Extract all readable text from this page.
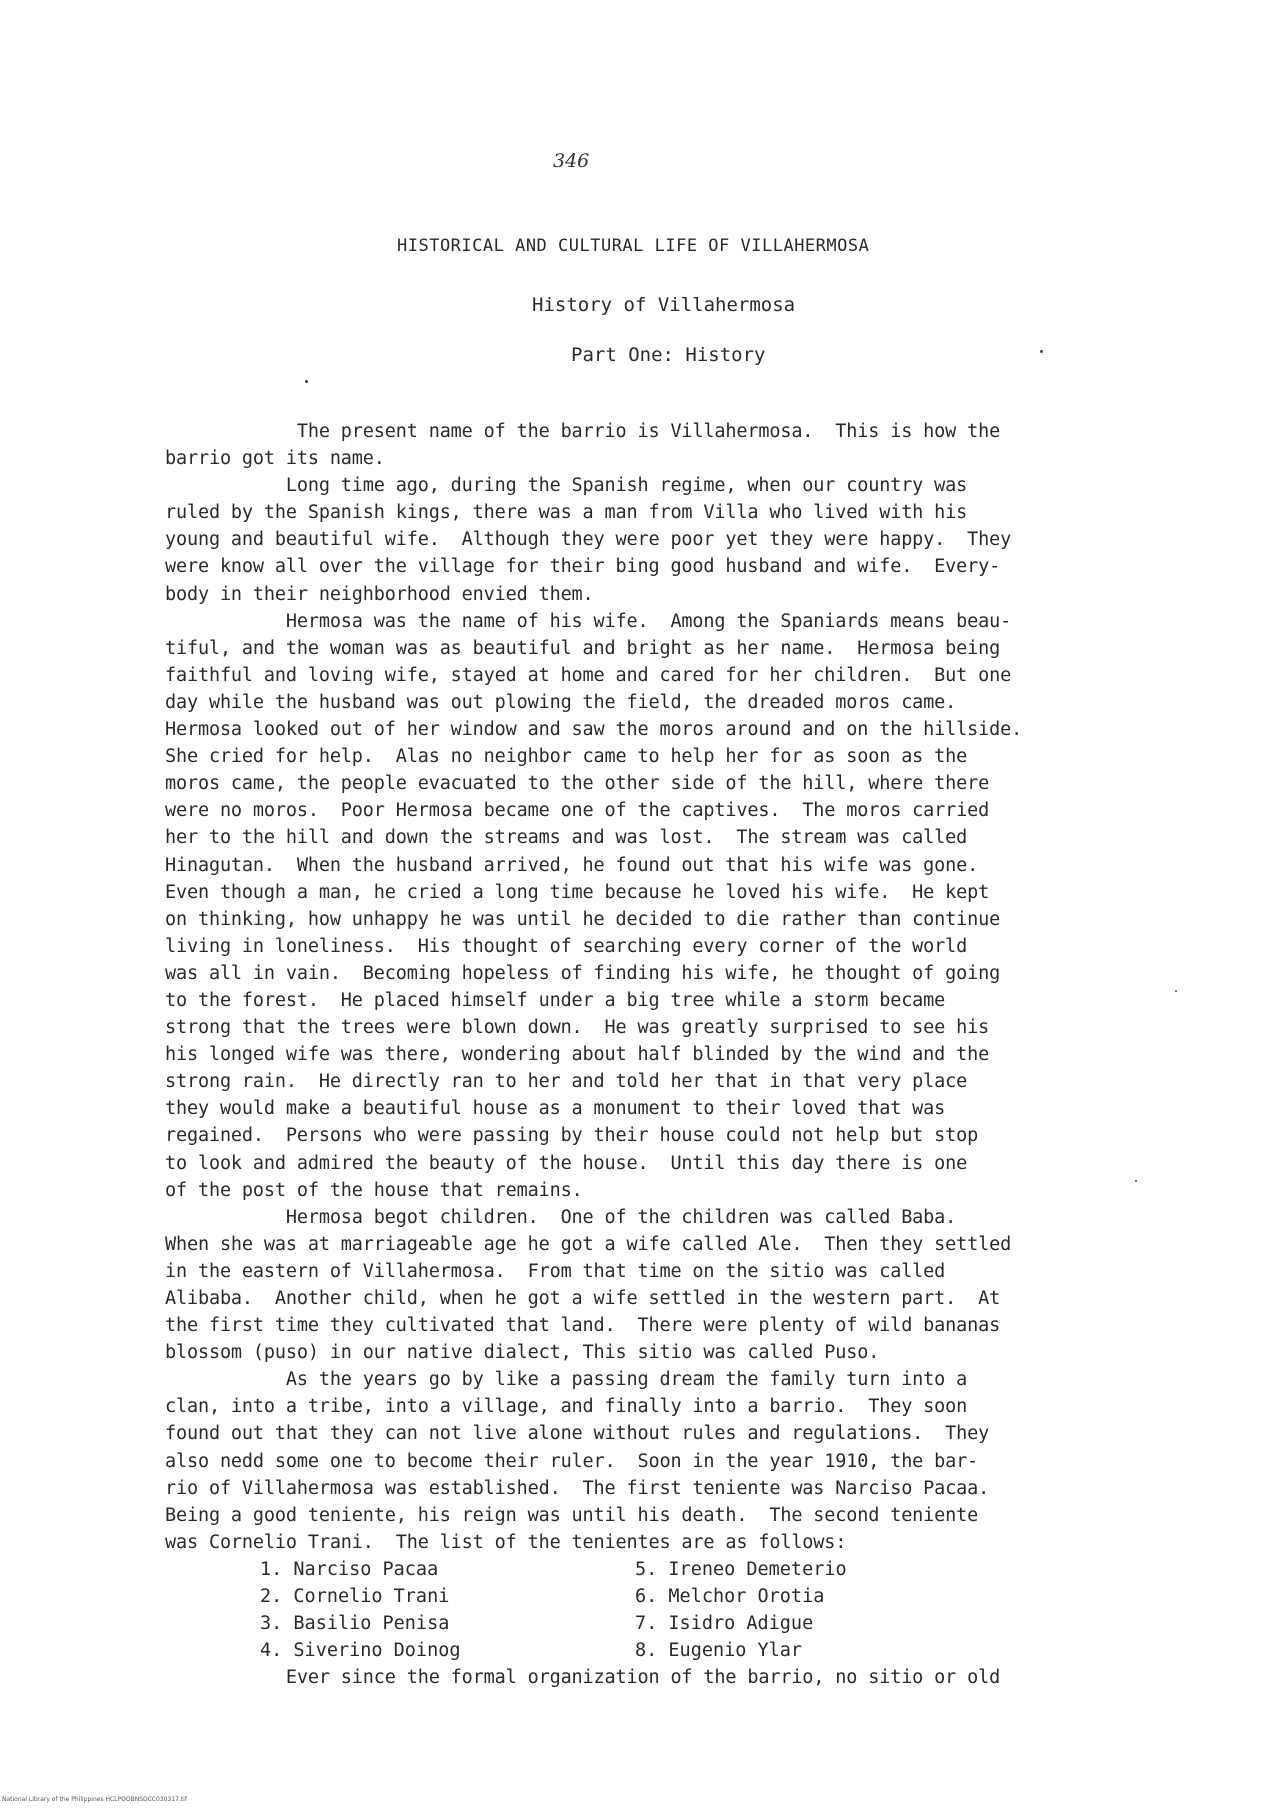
346
HISTORICAL AND CULTURAL LIFE OF VILLAHERMOSA
History of Villahermosa
Part One: History
The present name of the barrio is Villahermosa.  This is how the
barrio got its name.
Long time ago, during the Spanish regime, when our country was
ruled by the Spanish kings, there was a man from Villa who lived with his
young and beautiful wife.  Although they were poor yet they were happy.  They
were know all over the village for their bing good husband and wife.  Every-
body in their neighborhood envied them.
Hermosa was the name of his wife.  Among the Spaniards means beau-
tiful, and the woman was as beautiful and bright as her name.  Hermosa being
faithful and loving wife, stayed at home and cared for her children.  But one
day while the husband was out plowing the field, the dreaded moros came.
Hermosa looked out of her window and saw the moros around and on the hillside.
She cried for help.  Alas no neighbor came to help her for as soon as the
moros came, the people evacuated to the other side of the hill, where there
were no moros.  Poor Hermosa became one of the captives.  The moros carried
her to the hill and down the streams and was lost.  The stream was called
Hinagutan.  When the husband arrived, he found out that his wife was gone.
Even though a man, he cried a long time because he loved his wife.  He kept
on thinking, how unhappy he was until he decided to die rather than continue
living in loneliness.  His thought of searching every corner of the world
was all in vain.  Becoming hopeless of finding his wife, he thought of going
to the forest.  He placed himself under a big tree while a storm became
strong that the trees were blown down.  He was greatly surprised to see his
his longed wife was there, wondering about half blinded by the wind and the
strong rain.  He directly ran to her and told her that in that very place
they would make a beautiful house as a monument to their loved that was
regained.  Persons who were passing by their house could not help but stop
to look and admired the beauty of the house.  Until this day there is one
of the post of the house that remains.
Hermosa begot children.  One of the children was called Baba.
When she was at marriageable age he got a wife called Ale.  Then they settled
in the eastern of Villahermosa.  From that time on the sitio was called
Alibaba.  Another child, when he got a wife settled in the western part.  At
the first time they cultivated that land.  There were plenty of wild bananas
blossom (puso) in our native dialect, This sitio was called Puso.
As the years go by like a passing dream the family turn into a
clan, into a tribe, into a village, and finally into a barrio.  They soon
found out that they can not live alone without rules and regulations.  They
also nedd some one to become their ruler.  Soon in the year 1910, the bar-
rio of Villahermosa was established.  The first teniente was Narciso Pacaa.
Being a good teniente, his reign was until his death.  The second teniente
was Cornelio Trani.  The list of the tenientes are as follows:
1. Narciso Pacaa	5. Ireneo Demeterio
2. Cornelio Trani	6. Melchor Orotia
3. Basilio Penisa	7. Isidro Adigue
4. Siverino Doinog	8. Eugenio Ylar
Ever since the formal organization of the barrio, no sitio or old
National Library of the Philippines HCLPOOBNSDCC030317.tif
